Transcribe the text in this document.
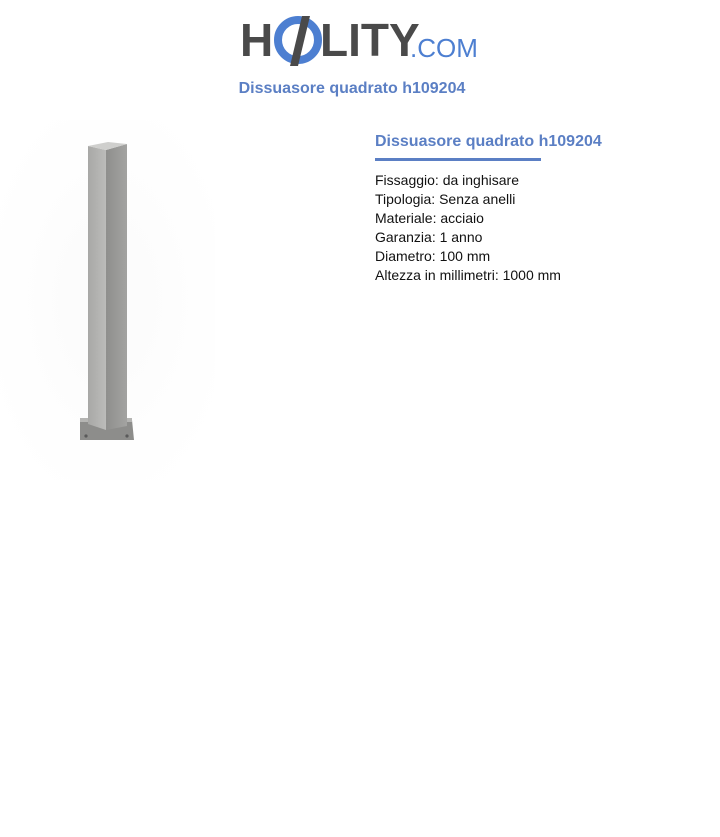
H LITY
.COM
Dissuasore quadrato h109204
Dissuasore quadrato h109204
Fissaggio: da inghisare
Tipologia: Senza anelli
Materiale: acciaio
Garanzia: 1 anno
Diametro: 100 mm
Altezza in millimetri: 1000 mm
